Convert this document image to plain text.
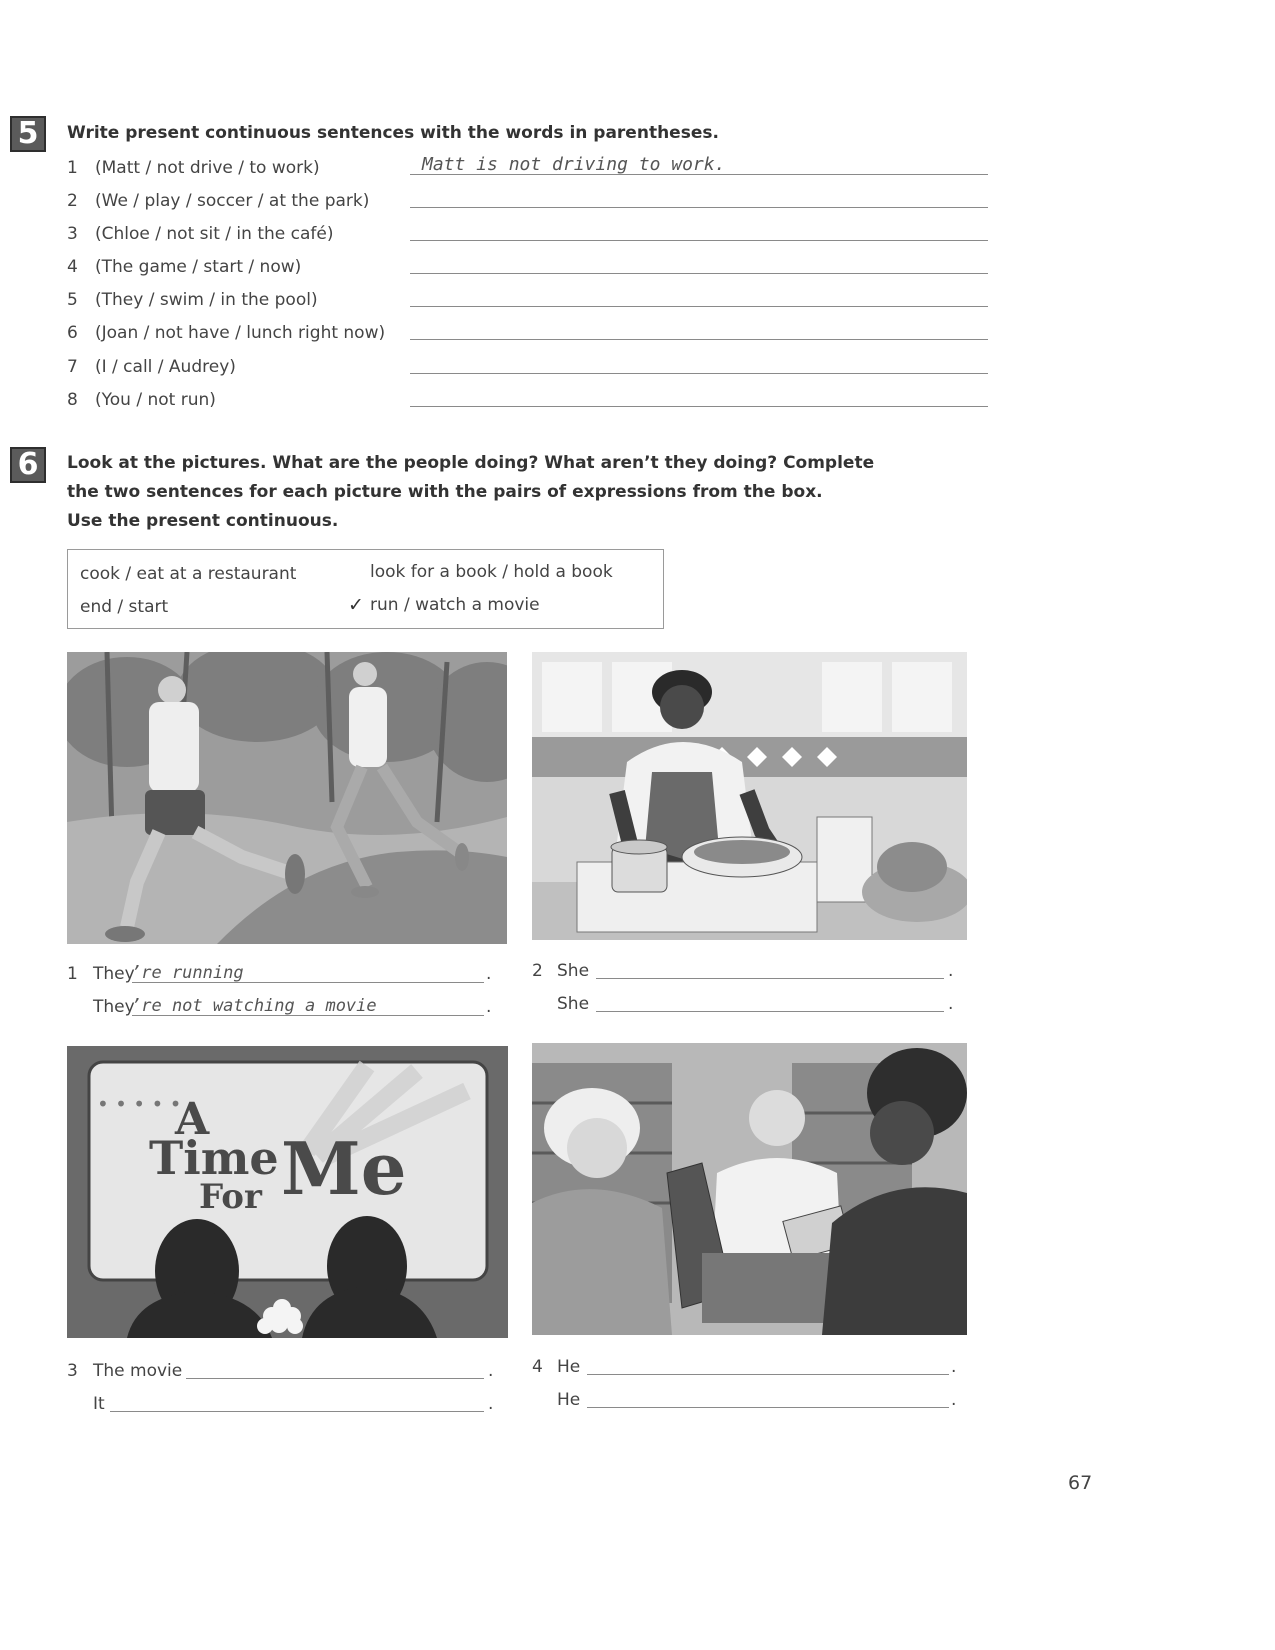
5	Write present continuous sentences with the words in parentheses.
1 (Matt / not drive / to work)	Matt is not driving to work.
2 (We / play / soccer / at the park)
3 (Chloe / not sit / in the café)
4 (The game / start / now)
5 (They / swim / in the pool)
6 (Joan / not have / lunch right now)
7 (I / call / Audrey)
8 (You / not run)
6	Look at the pictures. What are the people doing? What aren’t they doing? Complete
the two sentences for each picture with the pairs of expressions from the box.
Use the present continuous.
cook / eat at a restaurant
end / start
look for a book / hold a book
✓ run / watch a movie
1 They
’re running	.
They
’re not watching a movie	.
2 She	.
She	.
A
Time
For Me
• • • • •
3 The movie	.
It	.
4 He	.
He	.
67
